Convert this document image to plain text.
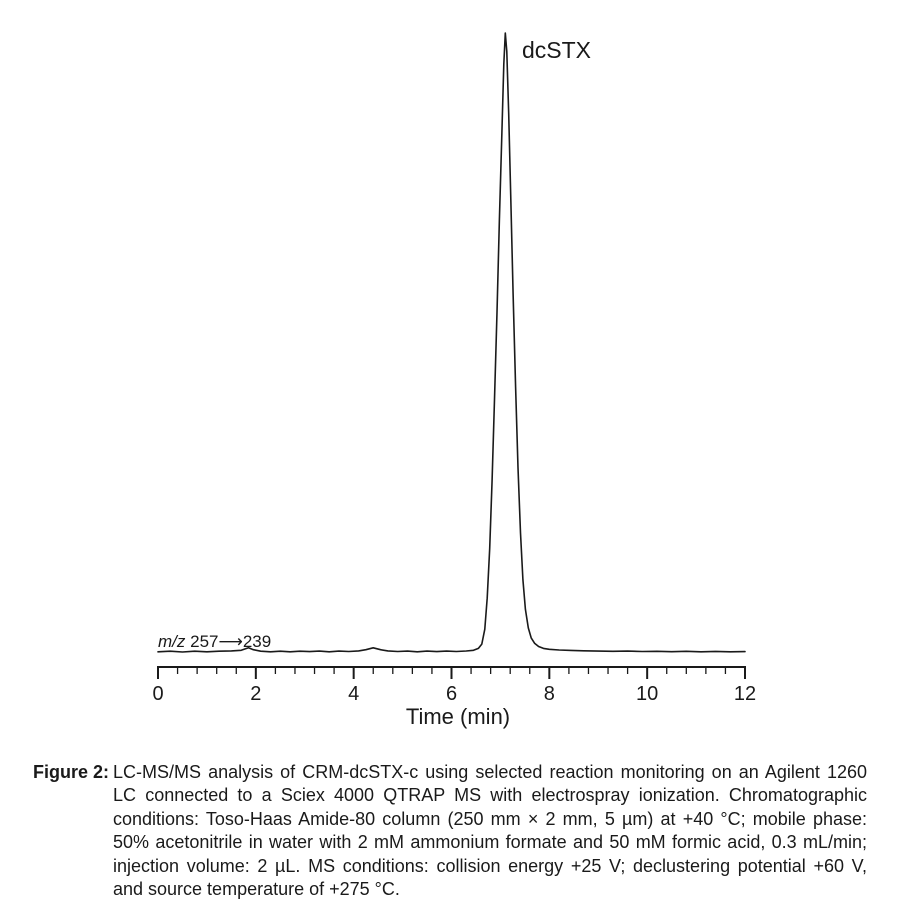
0	2	4	6	8	10	12
dcSTX
m/z 257⟶239
Time (min)
Figure 2: LC-MS/MS analysis of CRM-dcSTX-c using selected reaction monitoring on an Agilent 1260
LC connected to a Sciex 4000 QTRAP MS with electrospray ionization. Chromatographic
conditions: Toso-Haas Amide-80 column (250 mm × 2 mm, 5 µm) at +40 °C; mobile phase:
50% acetonitrile in water with 2 mM ammonium formate and 50 mM formic acid, 0.3 mL/min;
injection volume: 2 µL. MS conditions: collision energy +25 V; declustering potential +60 V,
and source temperature of +275 °C.
